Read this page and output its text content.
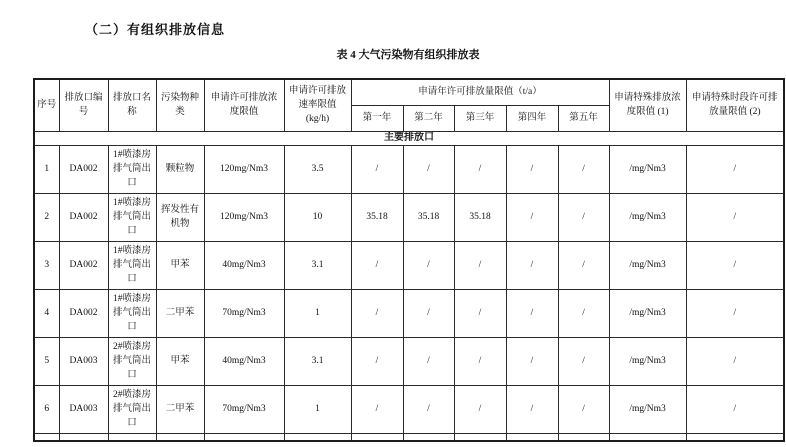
（二）有组织排放信息
表 4 大气污染物有组织排放表
序号	排放口编号	排放口名称	污染物种类	申请许可排放浓度限值	申请许可排放速率限值 (kg/h)	申请年许可排放量限值（t/a）					申请特殊排放浓度限值 (1)	申请特殊时段许可排放量限值 (2)
						第一年	第二年	第三年	第四年	第五年		
主要排放口												
1	DA002	1#喷漆房排气筒出口	颗粒物	120mg/Nm3	3.5	/	/	/	/	/	/mg/Nm3	/
2	DA002	1#喷漆房排气筒出口	挥发性有机物	120mg/Nm3	10	35.18	35.18	35.18	/	/	/mg/Nm3	/
3	DA002	1#喷漆房排气筒出口	甲苯	40mg/Nm3	3.1	/	/	/	/	/	/mg/Nm3	/
4	DA002	1#喷漆房排气筒出口	二甲苯	70mg/Nm3	1	/	/	/	/	/	/mg/Nm3	/
5	DA003	2#喷漆房排气筒出口	甲苯	40mg/Nm3	3.1	/	/	/	/	/	/mg/Nm3	/
6	DA003	2#喷漆房排气筒出口	二甲苯	70mg/Nm3	1	/	/	/	/	/	/mg/Nm3	/
